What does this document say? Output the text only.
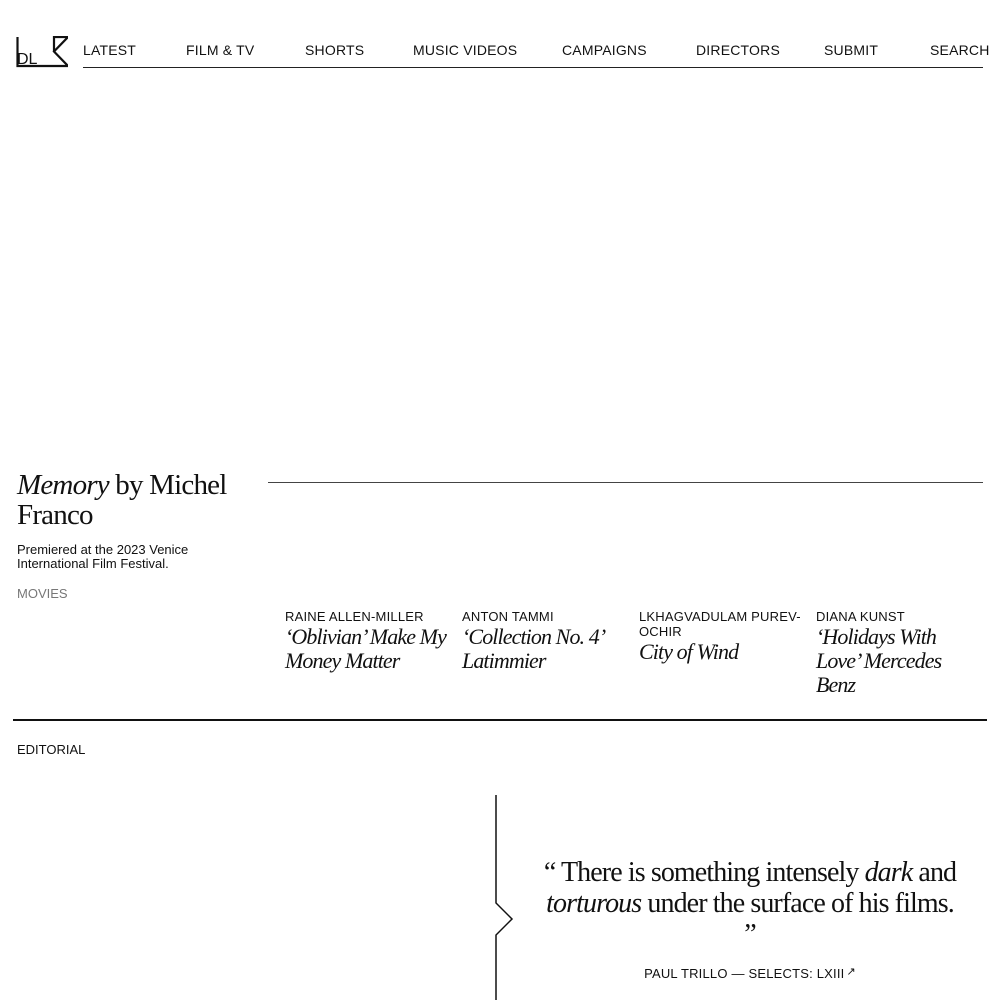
DL
LATEST	FILM & TV	SHORTS	MUSIC VIDEOS	CAMPAIGNS	DIRECTORS	SUBMIT	SEARCH
Memory by Michel Franco
Premiered at the 2023 Venice International Film Festival.
MOVIES
RAINE ALLEN-MILLER
‘Oblivian’ Make My Money Matter
ANTON TAMMI
‘Collection No. 4’ Latimmier
LKHAGVADULAM PUREV-OCHIR
City of Wind
DIANA KUNST
‘Holidays With Love’ Mercedes Benz
EDITORIAL
“ There is something intensely dark and torturous under the surface of his films. ”
PAUL TRILLO — SELECTS: LXIII ↗
